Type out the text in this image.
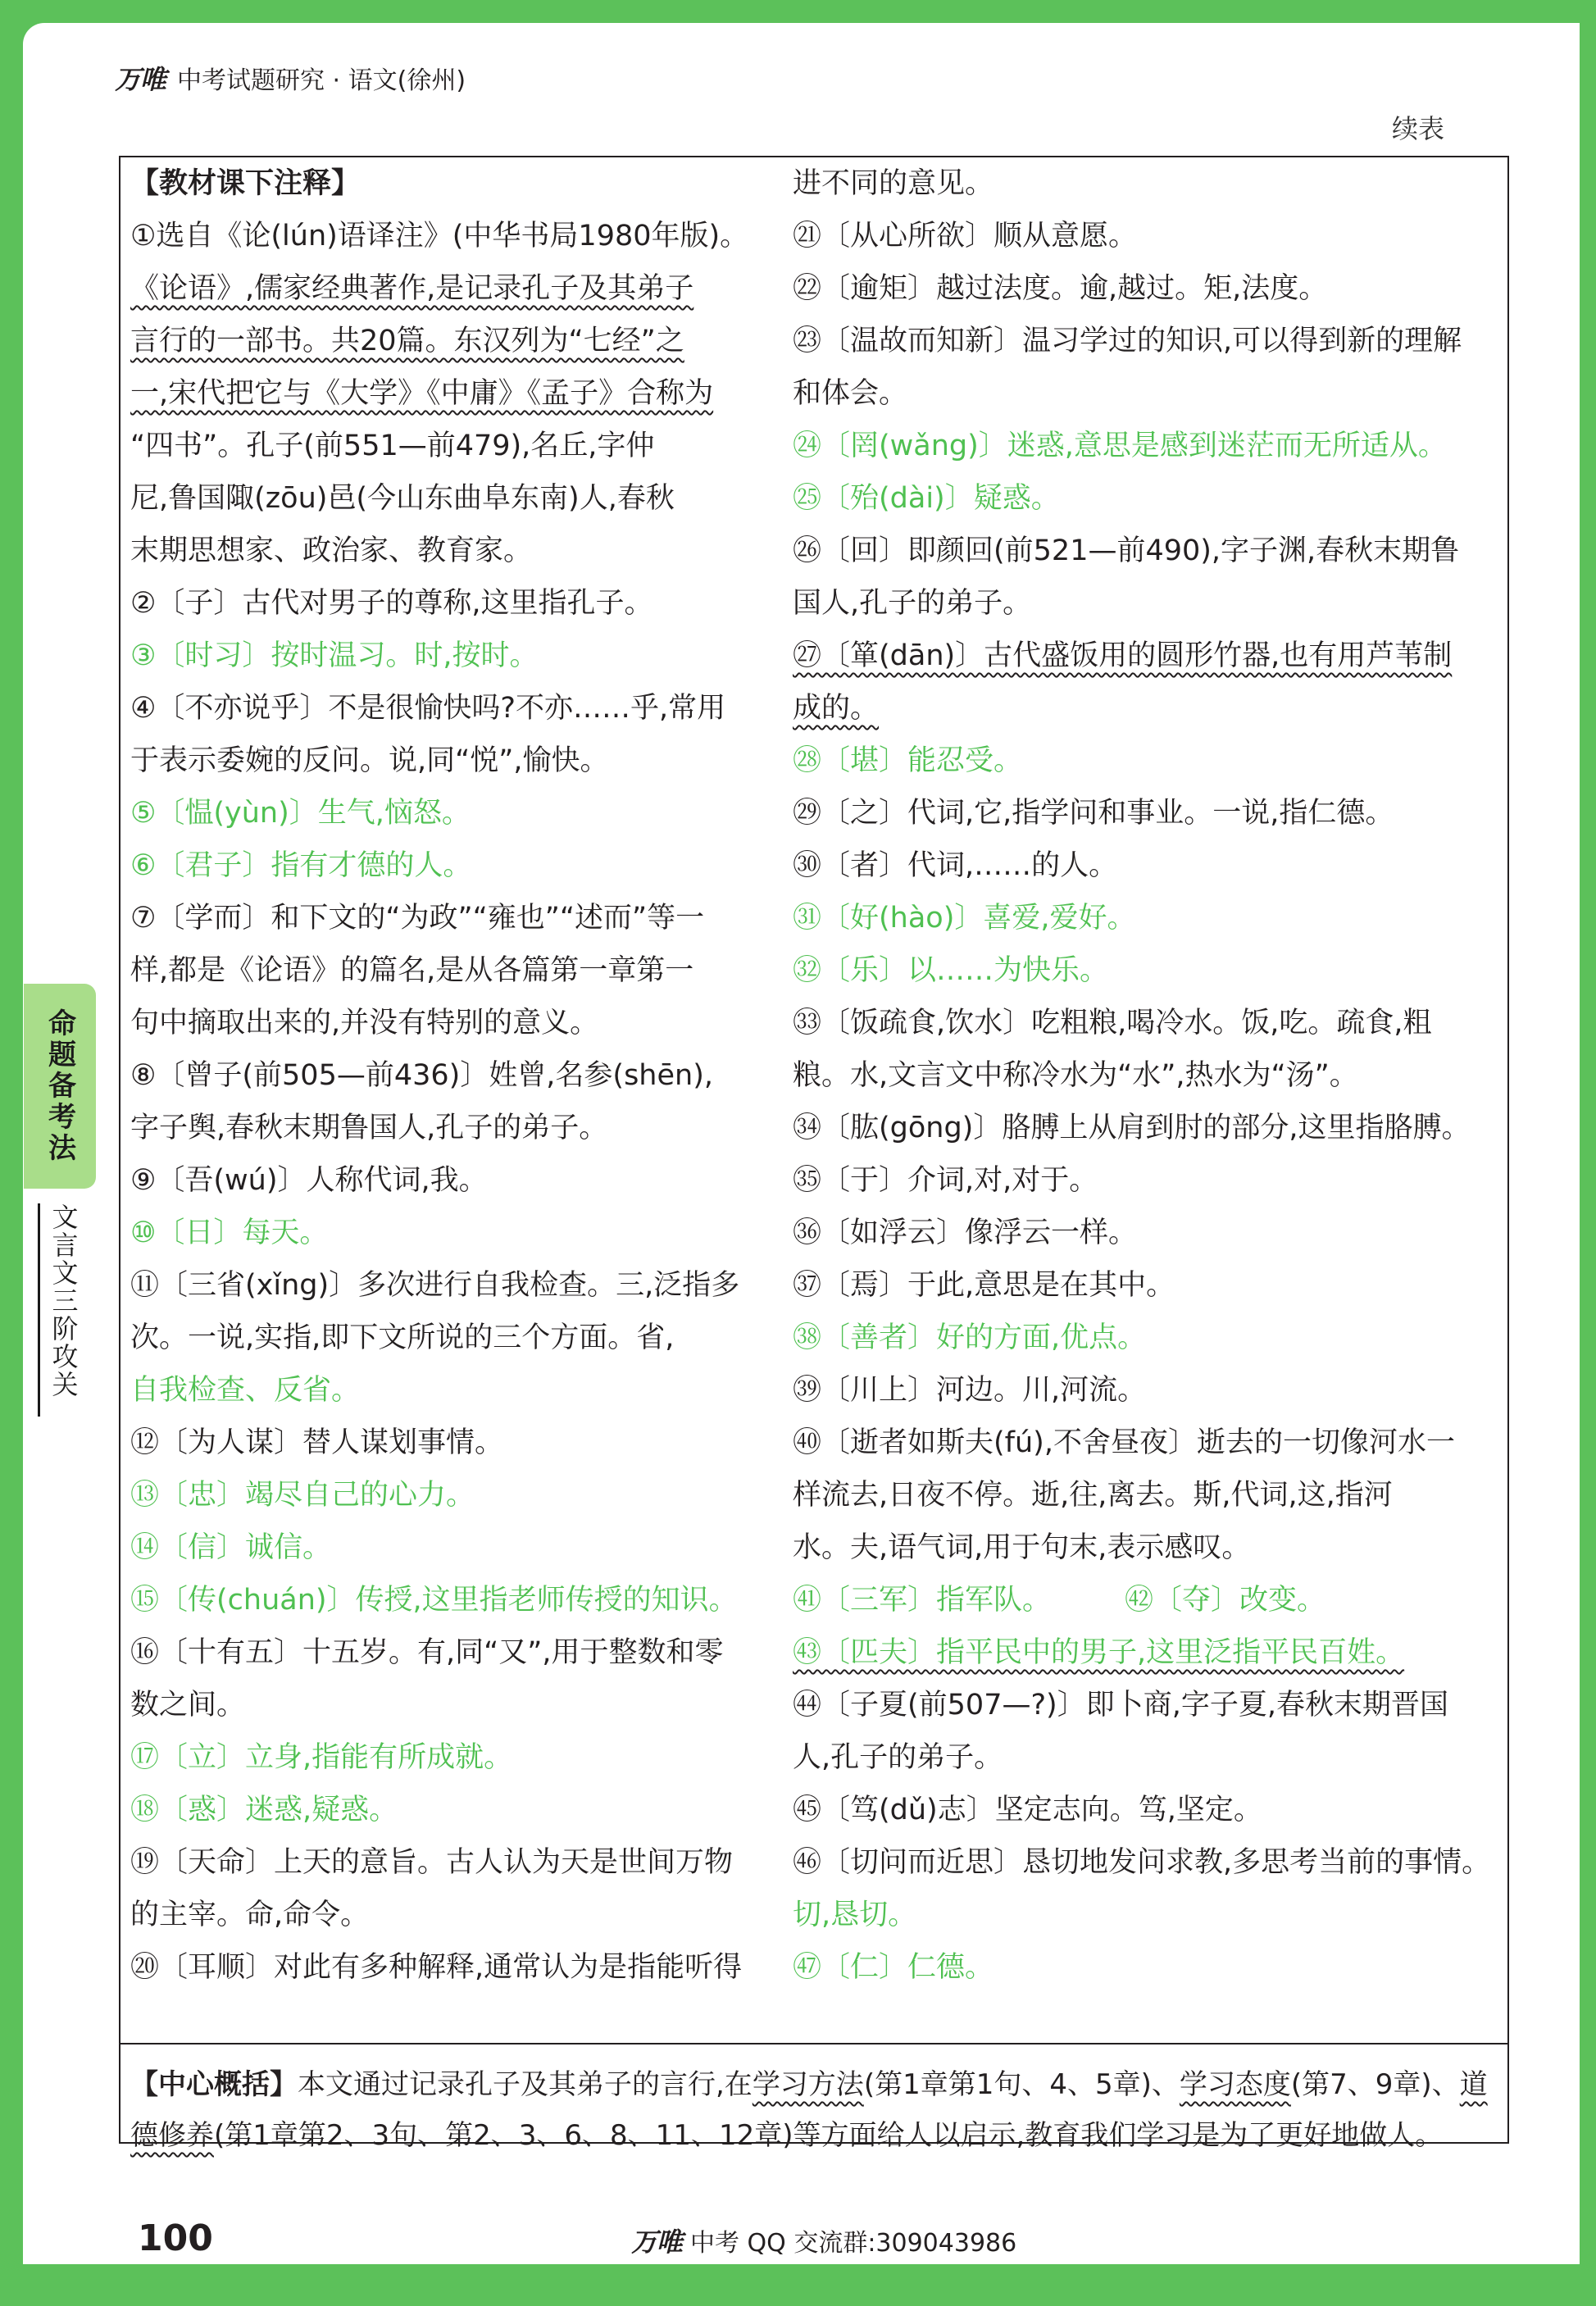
万唯 中考试题研究 · 语文(徐州)
续表
命题备考法
文言文三阶攻关
【教材课下注释】
①选自《论(lún)语译注》(中华书局1980年版)。
《论语》,儒家经典著作,是记录孔子及其弟子
言行的一部书。共20篇。东汉列为“七经”之
一,宋代把它与《大学》《中庸》《孟子》合称为
“四书”。孔子(前551—前479),名丘,字仲
尼,鲁国陬(zōu)邑(今山东曲阜东南)人,春秋
末期思想家、政治家、教育家。
②〔子〕古代对男子的尊称,这里指孔子。
③〔时习〕按时温习。时,按时。
④〔不亦说乎〕不是很愉快吗?不亦……乎,常用
于表示委婉的反问。说,同“悦”,愉快。
⑤〔愠(yùn)〕生气,恼怒。
⑥〔君子〕指有才德的人。
⑦〔学而〕和下文的“为政”“雍也”“述而”等一
样,都是《论语》的篇名,是从各篇第一章第一
句中摘取出来的,并没有特别的意义。
⑧〔曾子(前505—前436)〕姓曾,名参(shēn),
字子舆,春秋末期鲁国人,孔子的弟子。
⑨〔吾(wú)〕人称代词,我。
⑩〔日〕每天。
⑪〔三省(xǐng)〕多次进行自我检查。三,泛指多
次。一说,实指,即下文所说的三个方面。省,
自我检查、反省。
⑫〔为人谋〕替人谋划事情。
⑬〔忠〕竭尽自己的心力。
⑭〔信〕诚信。
⑮〔传(chuán)〕传授,这里指老师传授的知识。
⑯〔十有五〕十五岁。有,同“又”,用于整数和零
数之间。
⑰〔立〕立身,指能有所成就。
⑱〔惑〕迷惑,疑惑。
⑲〔天命〕上天的意旨。古人认为天是世间万物
的主宰。命,命令。
⑳〔耳顺〕对此有多种解释,通常认为是指能听得
进不同的意见。
㉑〔从心所欲〕顺从意愿。
㉒〔逾矩〕越过法度。逾,越过。矩,法度。
㉓〔温故而知新〕温习学过的知识,可以得到新的理解
和体会。
㉔〔罔(wǎng)〕迷惑,意思是感到迷茫而无所适从。
㉕〔殆(dài)〕疑惑。
㉖〔回〕即颜回(前521—前490),字子渊,春秋末期鲁
国人,孔子的弟子。
㉗〔箪(dān)〕古代盛饭用的圆形竹器,也有用芦苇制
成的。
㉘〔堪〕能忍受。
㉙〔之〕代词,它,指学问和事业。一说,指仁德。
㉚〔者〕代词,……的人。
㉛〔好(hào)〕喜爱,爱好。
㉜〔乐〕以……为快乐。
㉝〔饭疏食,饮水〕吃粗粮,喝冷水。饭,吃。疏食,粗
粮。水,文言文中称冷水为“水”,热水为“汤”。
㉞〔肱(gōng)〕胳膊上从肩到肘的部分,这里指胳膊。
㉟〔于〕介词,对,对于。
㊱〔如浮云〕像浮云一样。
㊲〔焉〕于此,意思是在其中。
㊳〔善者〕好的方面,优点。
㊴〔川上〕河边。川,河流。
㊵〔逝者如斯夫(fú),不舍昼夜〕逝去的一切像河水一
样流去,日夜不停。逝,往,离去。斯,代词,这,指河
水。夫,语气词,用于句末,表示感叹。
㊶〔三军〕指军队。	㊷〔夺〕改变。
㊸〔匹夫〕指平民中的男子,这里泛指平民百姓。
㊹〔子夏(前507—?)〕即卜商,字子夏,春秋末期晋国
人,孔子的弟子。
㊺〔笃(dǔ)志〕坚定志向。笃,坚定。
㊻〔切问而近思〕恳切地发问求教,多思考当前的事情。
切,恳切。
㊼〔仁〕仁德。
【中心概括】本文通过记录孔子及其弟子的言行,在学习方法(第1章第1句、4、5章)、学习态度(第7、9章)、道
德修养(第1章第2、3句、第2、3、6、8、11、12章)等方面给人以启示,教育我们学习是为了更好地做人。
100	万唯 中考 QQ 交流群:309043986
